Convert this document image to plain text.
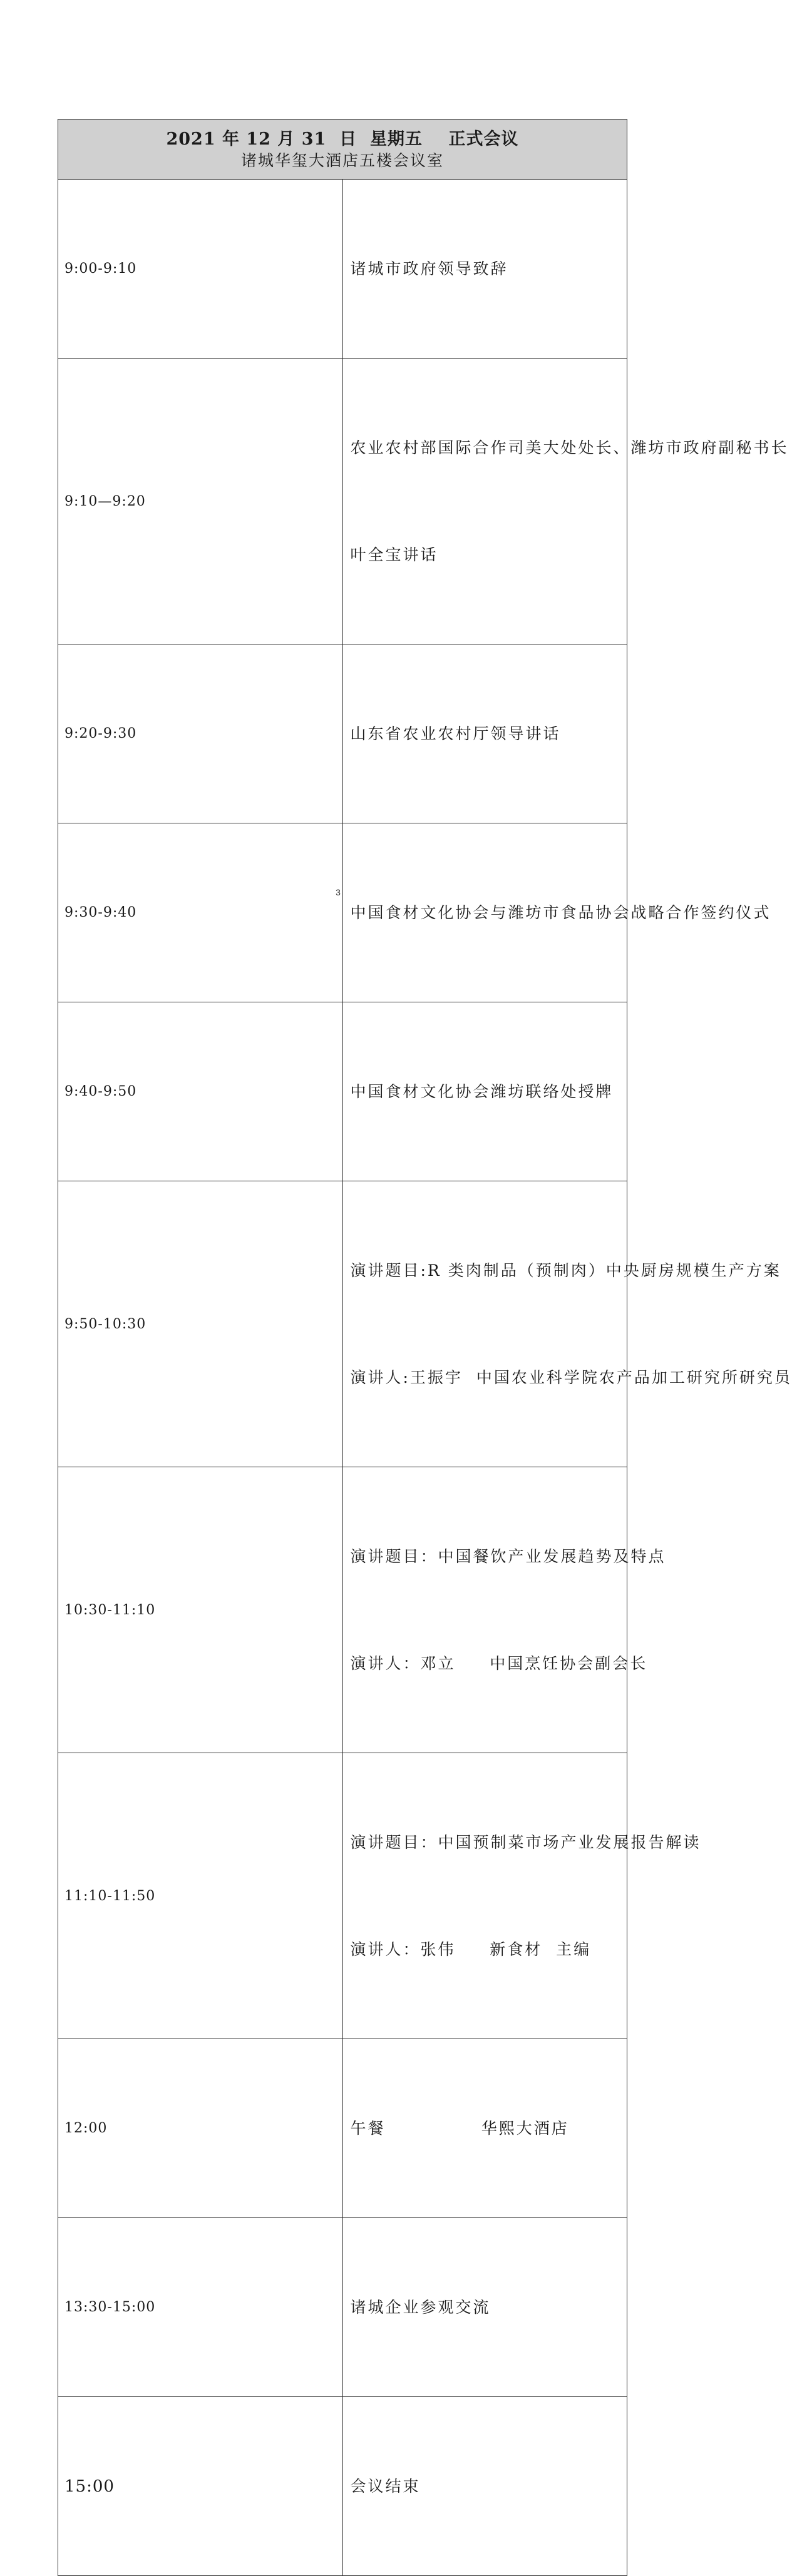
2021 年 12 月 31  日  星期五    正式会议
诸城华玺大酒店五楼会议室	

9:00-9:10	诸城市政府领导致辞

9:10—9:20	农业农村部国际合作司美大处处长、潍坊市政府副秘书长

叶全宝讲话

9:20-9:30	山东省农业农村厅领导讲话

9:30-9:40	中国食材文化协会与潍坊市食品协会战略合作签约仪式

9:40-9:50	中国食材文化协会潍坊联络处授牌

9:50-10:30	演讲题目:R 类肉制品（预制肉）中央厨房规模生产方案

演讲人:王振宇  中国农业科学院农产品加工研究所研究员

10:30-11:10	演讲题目：中国餐饮产业发展趋势及特点

演讲人：邓立     中国烹饪协会副会长

11:10-11:50	演讲题目：中国预制菜市场产业发展报告解读

演讲人：张伟     新食材  主编

12:00	午餐              华熙大酒店

13:30-15:00	诸城企业参观交流

15:00	会议结束

3
